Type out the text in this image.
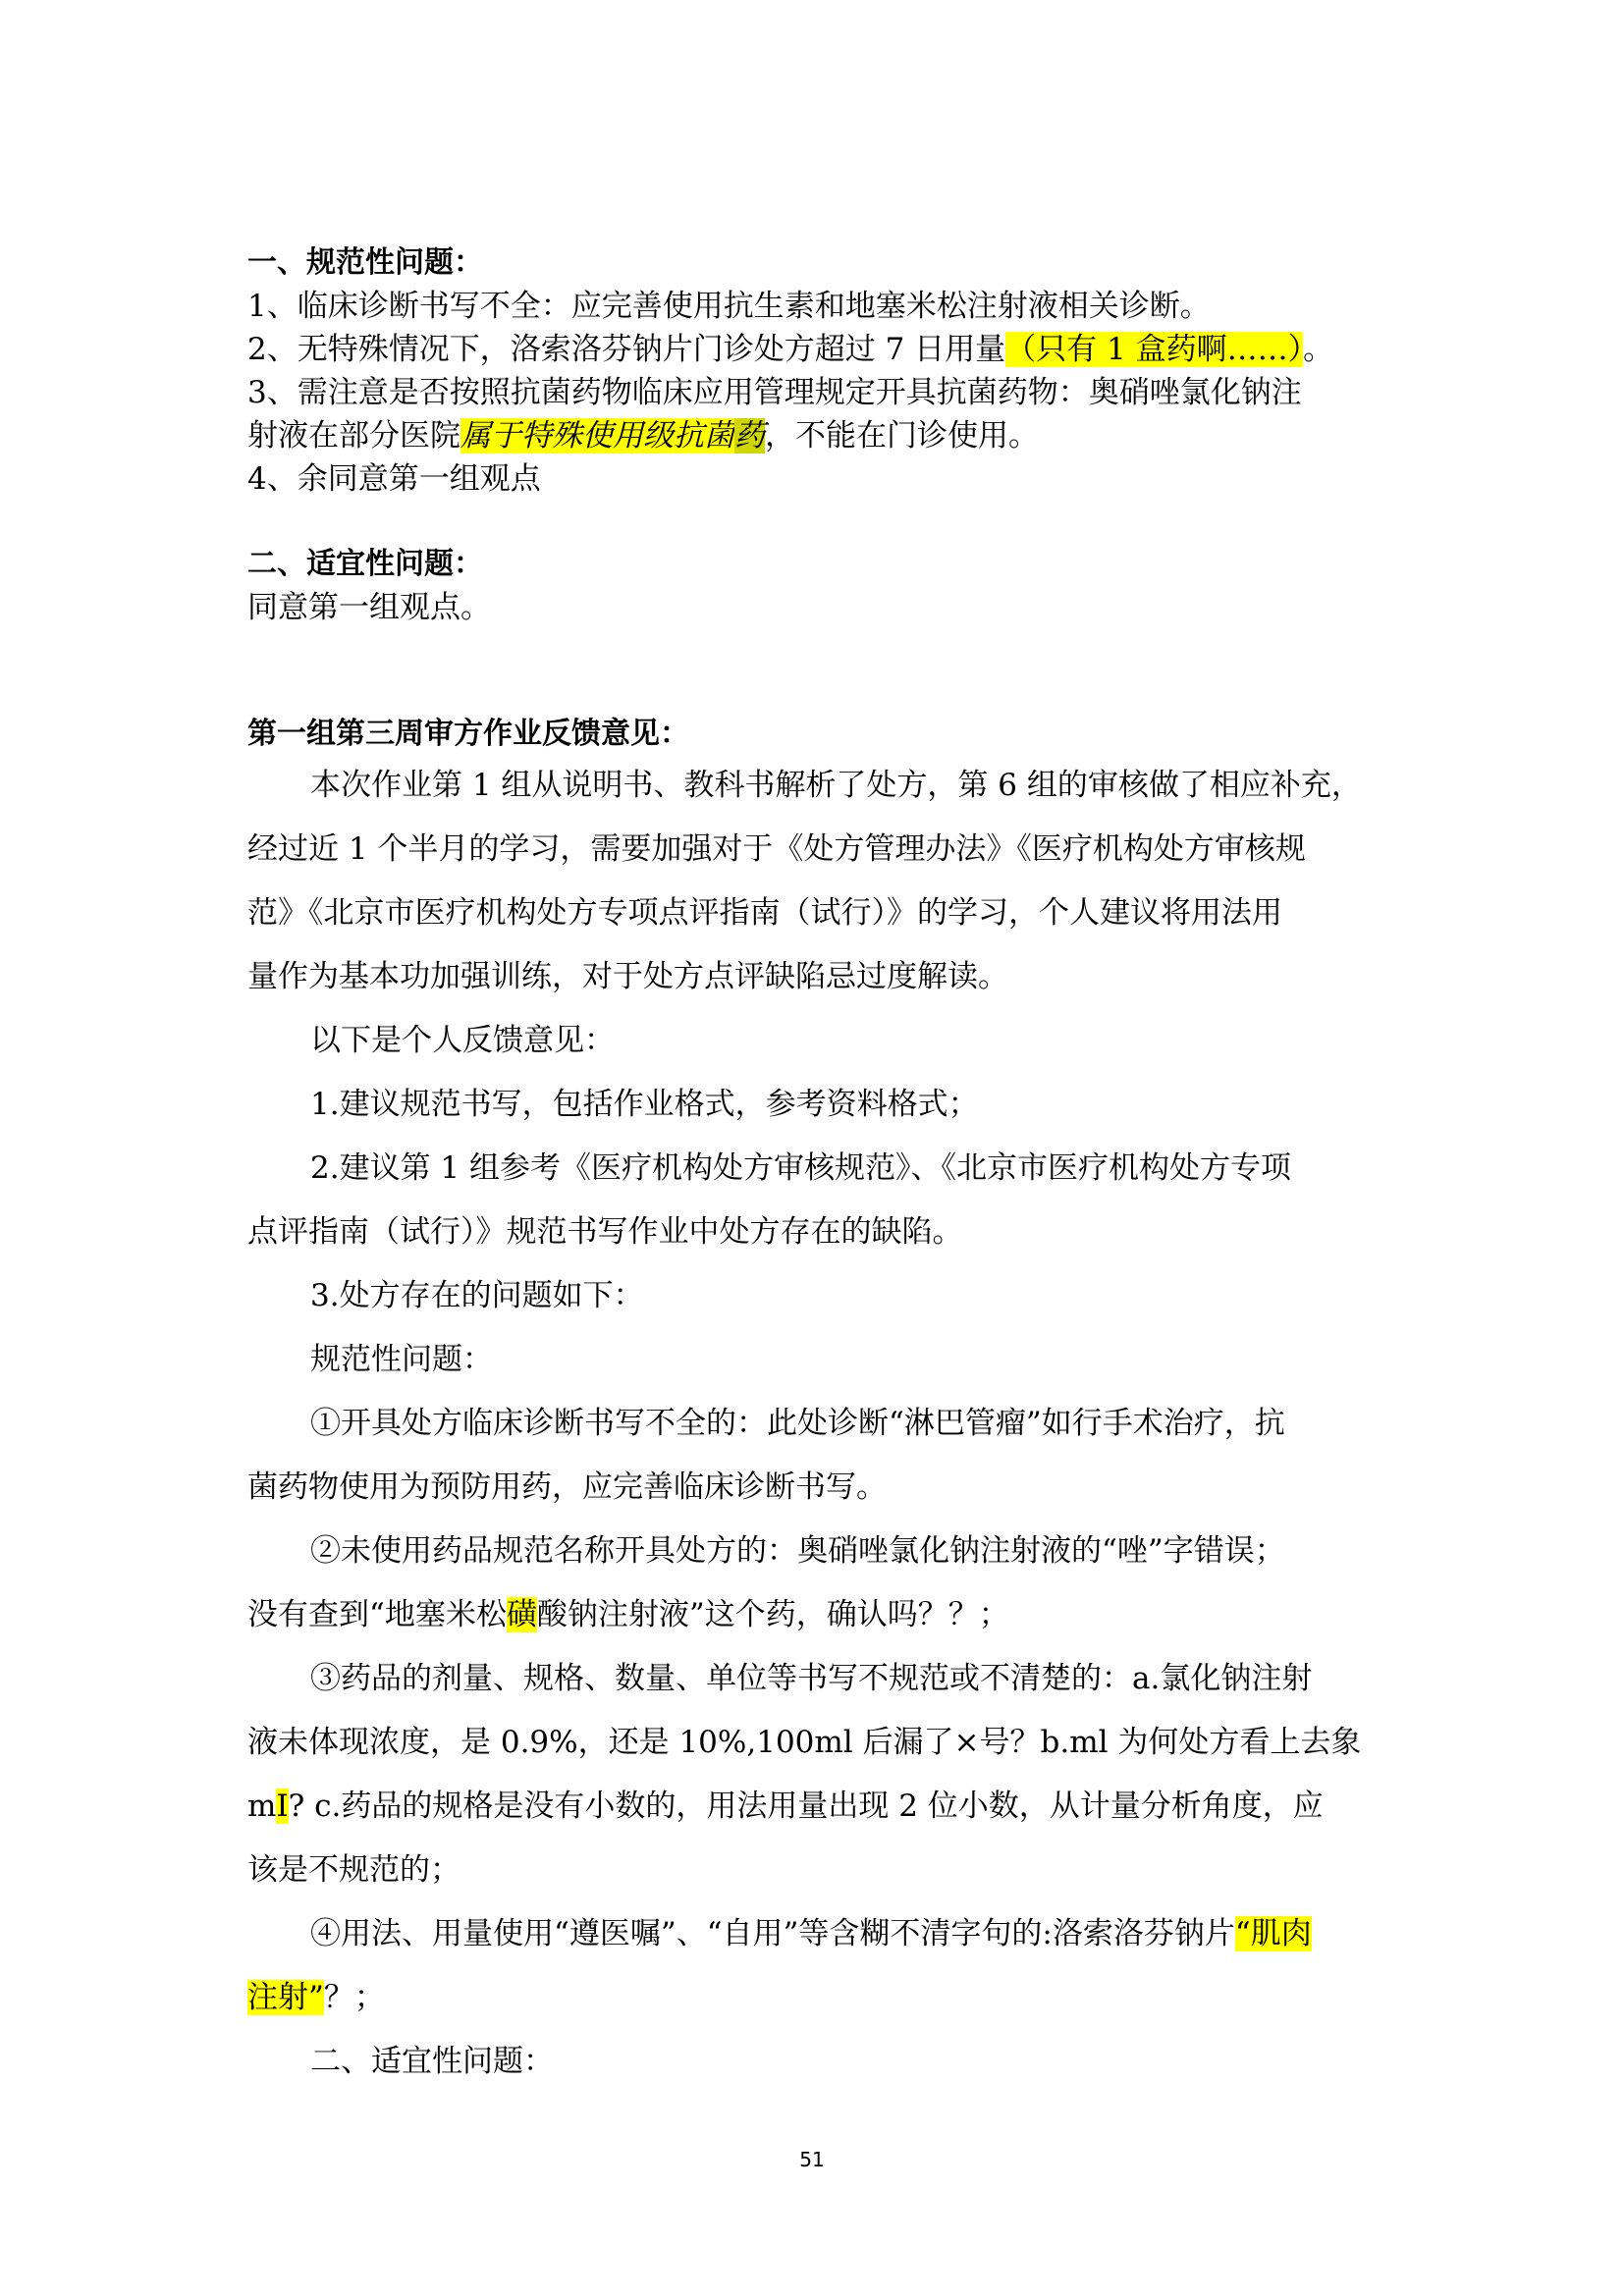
一、规范性问题：
1、临床诊断书写不全：应完善使用抗生素和地塞米松注射液相关诊断。
2、无特殊情况下，洛索洛芬钠片门诊处方超过 7 日用量（只有 1 盒药啊……）。
3、需注意是否按照抗菌药物临床应用管理规定开具抗菌药物：奥硝唑氯化钠注
射液在部分医院属于特殊使用级抗菌药，不能在门诊使用。
4、余同意第一组观点
二、适宜性问题：
同意第一组观点。
第一组第三周审方作业反馈意见：
本次作业第 1 组从说明书、教科书解析了处方，第 6 组的审核做了相应补充，
经过近 1 个半月的学习，需要加强对于《处方管理办法》《医疗机构处方审核规
范》《北京市医疗机构处方专项点评指南（试行）》的学习，个人建议将用法用
量作为基本功加强训练，对于处方点评缺陷忌过度解读。
以下是个人反馈意见：
1.建议规范书写，包括作业格式，参考资料格式；
2.建议第 1 组参考《医疗机构处方审核规范》、《北京市医疗机构处方专项
点评指南（试行）》规范书写作业中处方存在的缺陷。
3.处方存在的问题如下：
规范性问题：
①开具处方临床诊断书写不全的：此处诊断“淋巴管瘤”如行手术治疗，抗
菌药物使用为预防用药，应完善临床诊断书写。
②未使用药品规范名称开具处方的：奥硝唑氯化钠注射液的“唑”字错误；
没有查到“地塞米松磺酸钠注射液”这个药，确认吗？？；
③药品的剂量、规格、数量、单位等书写不规范或不清楚的：a.氯化钠注射
液未体现浓度，是 0.9%，还是 10%,100ml 后漏了×号？b.ml 为何处方看上去象
mI? c.药品的规格是没有小数的，用法用量出现 2 位小数，从计量分析角度，应
该是不规范的；
④用法、用量使用“遵医嘱”、“自用”等含糊不清字句的:洛索洛芬钠片“肌肉
注射”？；
二、适宜性问题：
51
